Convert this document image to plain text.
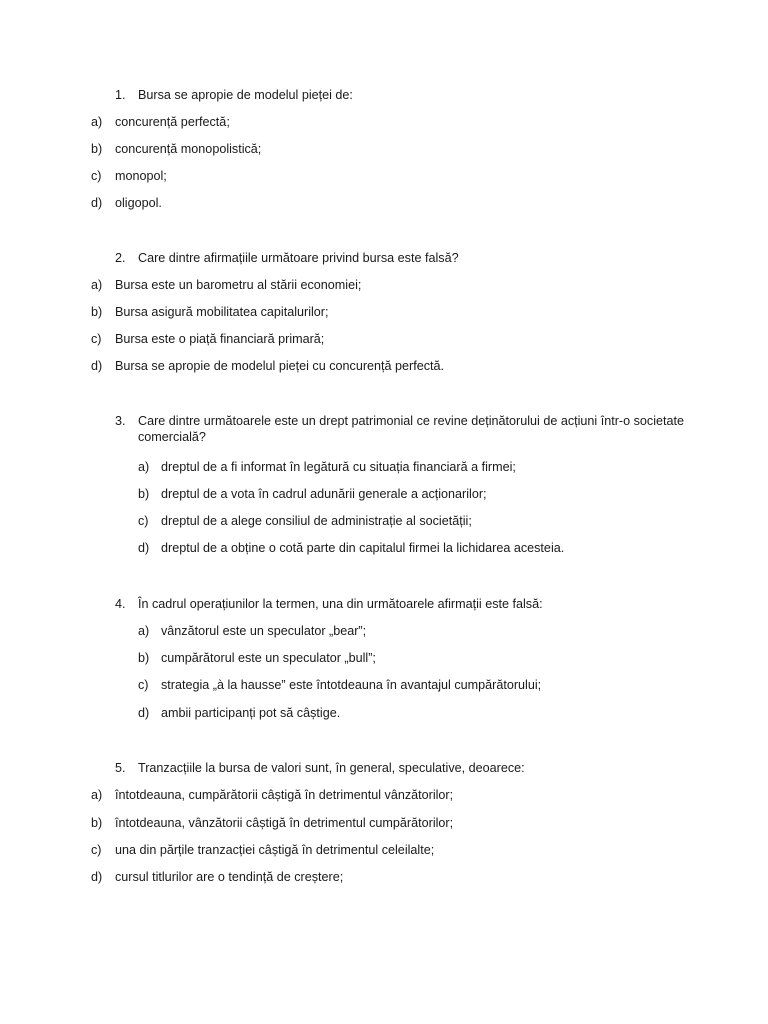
1. Bursa se apropie de modelul pieței de:
a) concurență perfectă;
b) concurență monopolistică;
c) monopol;
d) oligopol.
2. Care dintre afirmațiile următoare privind bursa este falsă?
a) Bursa este un barometru al stării economiei;
b) Bursa asigură mobilitatea capitalurilor;
c) Bursa este o piață financiară primară;
d) Bursa se apropie de modelul pieței cu concurență perfectă.
3. Care dintre următoarele este un drept patrimonial ce revine deținătorului de acțiuni într-o societate comercială?
a) dreptul de a fi informat în legătură cu situația financiară a firmei;
b) dreptul de a vota în cadrul adunării generale a acționarilor;
c) dreptul de a alege consiliul de administrație al societății;
d) dreptul de a obține o cotă parte din capitalul firmei la lichidarea acesteia.
4. În cadrul operațiunilor la termen, una din următoarele afirmații este falsă:
a) vânzătorul este un speculator „bear”;
b) cumpărătorul este un speculator „bull”;
c) strategia „à la hausse” este întotdeauna în avantajul cumpărătorului;
d) ambii participanți pot să câștige.
5. Tranzacțiile la bursa de valori sunt, în general, speculative, deoarece:
a) întotdeauna, cumpărătorii câștigă în detrimentul vânzătorilor;
b) întotdeauna, vânzătorii câștigă în detrimentul cumpărătorilor;
c) una din părțile tranzacției câștigă în detrimentul celeilalte;
d) cursul titlurilor are o tendință de creștere;
